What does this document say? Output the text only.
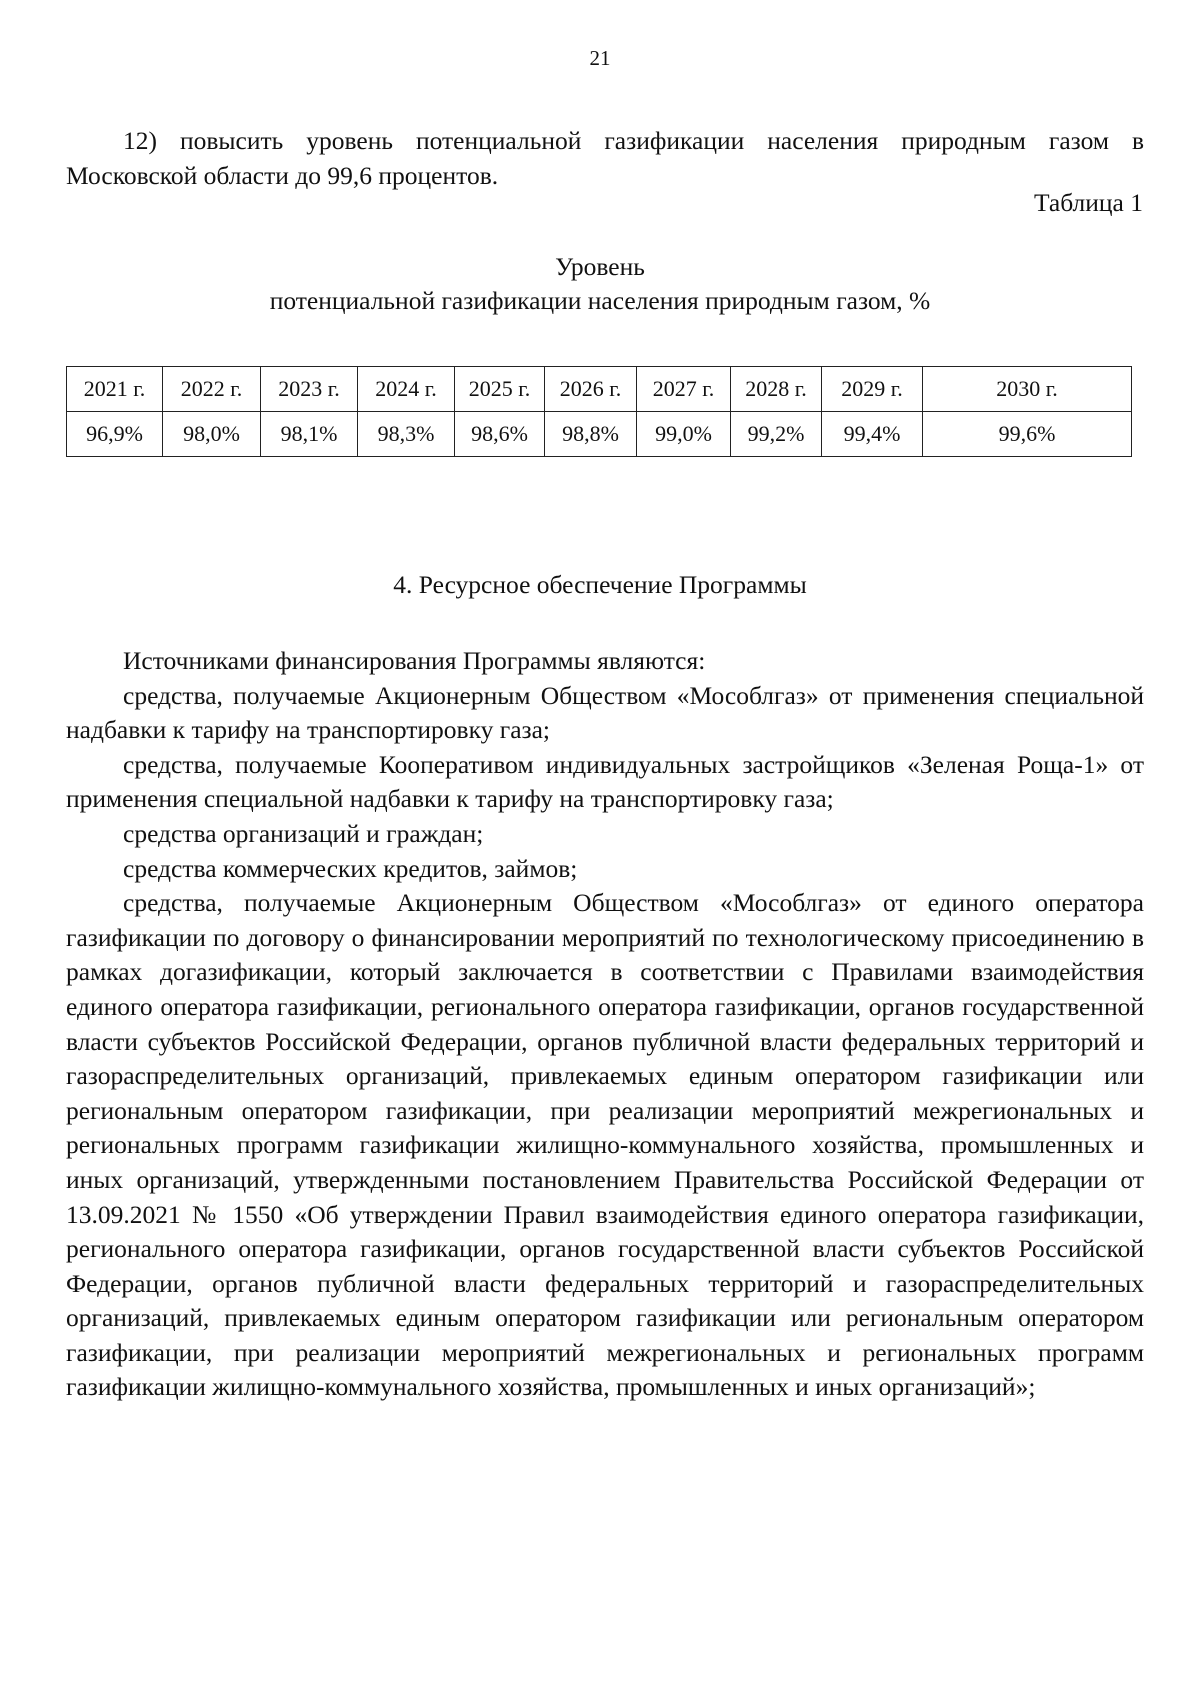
21

12) повысить уровень потенциальной газификации населения природным газом в Московской области до 99,6 процентов.

Таблица 1
Уровень
потенциальной газификации населения природным газом, %
2021 г.	2022 г.	2023 г.	2024 г.	2025 г.	2026 г.	2027 г.	2028 г.	2029 г.	2030 г.
96,9%	98,0%	98,1%	98,3%	98,6%	98,8%	99,0%	99,2%	99,4%	99,6%
4. Ресурсное обеспечение Программы

Источниками финансирования Программы являются:

средства, получаемые Акционерным Обществом «Мособлгаз» от применения специальной надбавки к тарифу на транспортировку газа;

средства, получаемые Кооперативом индивидуальных застройщиков «Зеленая Роща-1» от применения специальной надбавки к тарифу на транспортировку газа;

средства организаций и граждан;

средства коммерческих кредитов, займов;

средства, получаемые Акционерным Обществом «Мособлгаз» от единого оператора газификации по договору о финансировании мероприятий по технологическому присоединению в рамках догазификации, который заключается в соответствии с Правилами взаимодействия единого оператора газификации, регионального оператора газификации, органов государственной власти субъектов Российской Федерации, органов публичной власти федеральных территорий и газораспределительных организаций, привлекаемых единым оператором газификации или региональным оператором газификации, при реализации мероприятий межрегиональных и региональных программ газификации жилищно-коммунального хозяйства, промышленных и иных организаций, утвержденными постановлением Правительства Российской Федерации от 13.09.2021 № 1550 «Об утверждении Правил взаимодействия единого оператора газификации, регионального оператора газификации, органов государственной власти субъектов Российской Федерации, органов публичной власти федеральных территорий и газораспределительных организаций, привлекаемых единым оператором газификации или региональным оператором газификации, при реализации мероприятий межрегиональных и региональных программ газификации жилищно-коммунального хозяйства, промышленных и иных организаций»;
